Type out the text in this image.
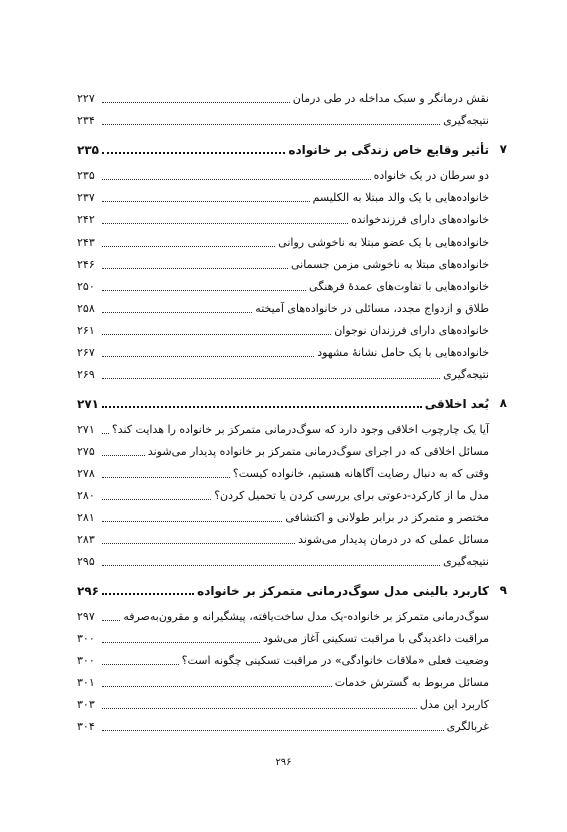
نقش درمانگر و سبک مداخله در طی درمان
۲۲۷
نتیجه‌گیری
۲۳۴
۷
تأثیر وقایع خاص زندگی بر خانواده
۲۳۵
دو سرطان در یک خانواده
۲۳۵
خانواده‌هایی با یک والد مبتلا به الکلیسم
۲۳۷
خانواده‌های دارای فرزندخوانده
۲۴۲
خانواده‌هایی با یک عضو مبتلا به ناخوشی روانی
۲۴۳
خانواده‌های مبتلا به ناخوشی مزمن جسمانی
۲۴۶
خانواده‌هایی با تفاوت‌های عمدهٔ فرهنگی
۲۵۰
طلاق و ازدواج مجدد، مسائلی در خانواده‌های آمیخته
۲۵۸
خانواده‌های دارای فرزندان نوجوان
۲۶۱
خانواده‌هایی با یک حامل نشانهٔ مشهود
۲۶۷
نتیجه‌گیری
۲۶۹
۸
بُعد اخلاقی
۲۷۱
آیا یک چارچوب اخلاقی وجود دارد که سوگ‌درمانی متمرکز بر خانواده را هدایت کند؟
۲۷۱
مسائل اخلاقی که در اجرای سوگ‌درمانی متمرکز بر خانواده پدیدار می‌شوند
۲۷۵
وقتی که به دنبال رضایت آگاهانه هستیم، خانواده کیست؟
۲۷۸
مدل ما از کارکرد-دعوتی برای بررسی کردن یا تحمیل کردن؟
۲۸۰
مختصر و متمرکز در برابر طولانی و اکتشافی
۲۸۱
مسائل عملی که در درمان پدیدار می‌شوند
۲۸۳
نتیجه‌گیری
۲۹۵
۹
کاربرد بالینی مدل سوگ‌درمانی متمرکز بر خانواده
۲۹۶
سوگ‌درمانی متمرکز بر خانواده-یک مدل ساخت‌یافته، پیشگیرانه و مقرون‌به‌صرفه
۲۹۷
مراقبت داغدیدگی با مراقبت تسکینی آغاز می‌شود
۳۰۰
وضعیت فعلی «ملاقات خانوادگی» در مراقبت تسکینی چگونه است؟
۳۰۰
مسائل مربوط به گسترش خدمات
۳۰۱
کاربرد این مدل
۳۰۳
غربالگری
۳۰۴
۲۹۶
